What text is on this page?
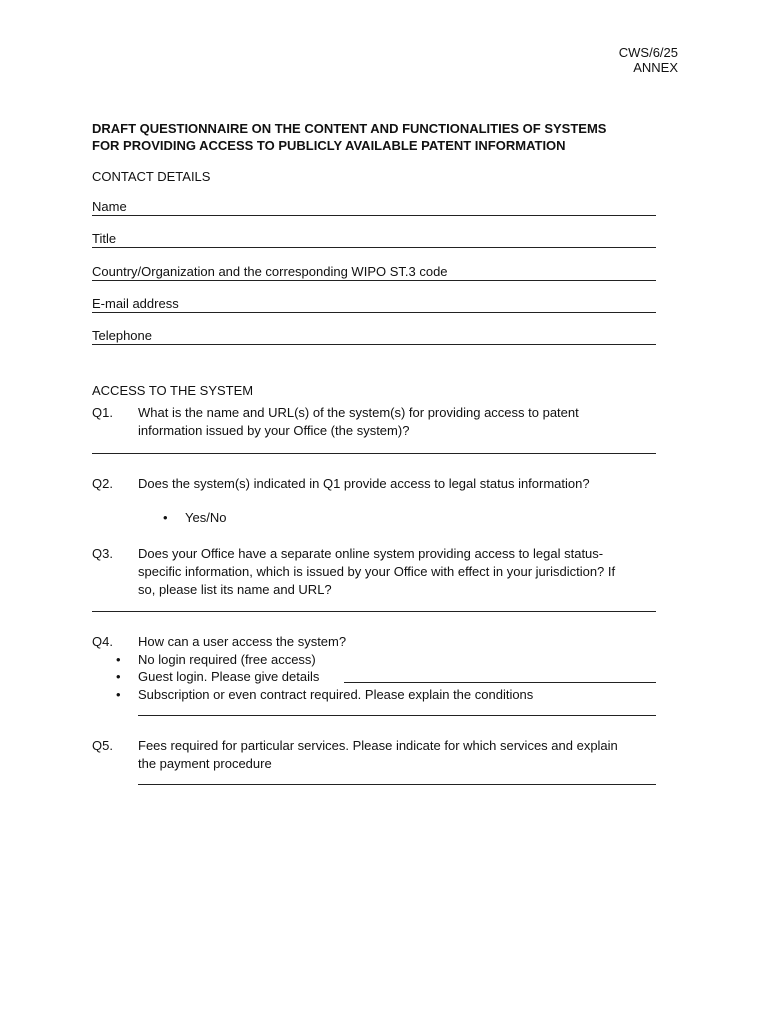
CWS/6/25
ANNEX
DRAFT QUESTIONNAIRE ON THE CONTENT AND FUNCTIONALITIES OF SYSTEMS
FOR PROVIDING ACCESS TO PUBLICLY AVAILABLE PATENT INFORMATION
CONTACT DETAILS
Name
Title
Country/Organization and the corresponding WIPO ST.3 code
E-mail address
Telephone
ACCESS TO THE SYSTEM
Q1. What is the name and URL(s) of the system(s) for providing access to patent
information issued by your Office (the system)?
Q2. Does the system(s) indicated in Q1 provide access to legal status information?
• Yes/No
Q3. Does your Office have a separate online system providing access to legal status-
specific information, which is issued by your Office with effect in your jurisdiction? If
so, please list its name and URL?
Q4. How can a user access the system?
• No login required (free access)
• Guest login. Please give details
• Subscription or even contract required. Please explain the conditions
Q5. Fees required for particular services. Please indicate for which services and explain
the payment procedure
